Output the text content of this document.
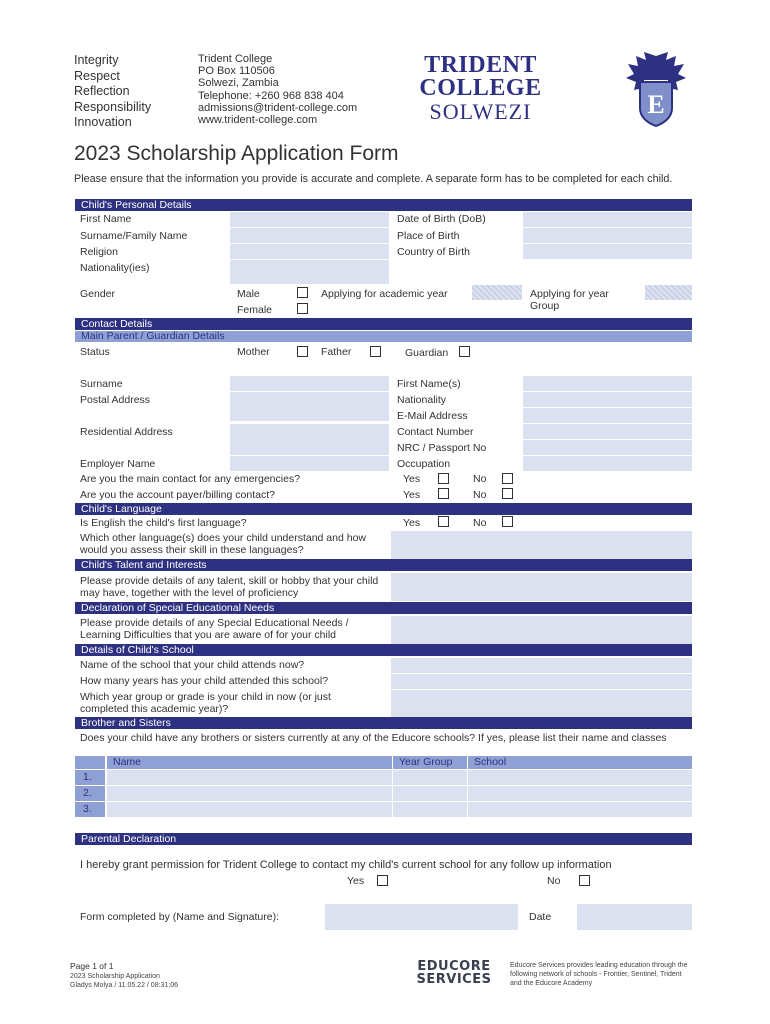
Integrity
Respect
Reflection
Responsibility
Innovation
Trident College
PO Box 110506
Solwezi, Zambia
Telephone: +260 968 838 404
admissions@trident-college.com
www.trident-college.com
TRIDENT
COLLEGE
SOLWEZI	E
2023 Scholarship Application Form
Please ensure that the information you provide is accurate and complete. A separate form has to be completed for each child.
Child's Personal Details
First Name	Date of Birth (DoB)
Surname/Family Name	Place of Birth
Religion	Country of Birth
Nationality(ies)
Gender	Male
Female
Applying for academic year	Applying for year Group
Contact Details
Main Parent / Guardian Details
Status	Mother	Father	Guardian
Surname	First Name(s)
Postal Address	Nationality
E-Mail Address
Residential Address	Contact Number
NRC / Passport No
Employer Name	Occupation
Are you the main contact for any emergencies?	Yes	No
Are you the account payer/billing contact?	Yes	No
Child's Language
Is English the child's first language?	Yes	No
Which other language(s) does your child understand and how would you assess their skill in these languages?
Child's Talent and Interests
Please provide details of any talent, skill or hobby that your child may have, together with the level of proficiency
Declaration of Special Educational Needs
Please provide details of any Special Educational Needs / Learning Difficulties that you are aware of for your child
Details of Child's School
Name of the school that your child attends now?
How many years has your child attended this school?
Which year group or grade is your child in now (or just completed this academic year)?
Brother and Sisters
Does your child have any brothers or sisters currently at any of the Educore schools? If yes, please list their name and classes
Name	Year Group	School
1.
2.
3.
Parental Declaration
I hereby grant permission for Trident College to contact my child's current school for any follow up information
Yes	No
Form completed by (Name and Signature):	Date
Page 1 of 1
2023 Scholarship Application
Gladys Molya / 11.05.22 / 08:31:06
EDUCORE
SERVICES
Educore Services provides leading education through the following network of schools - Frontier, Sentinel, Trident and the Educore Academy
